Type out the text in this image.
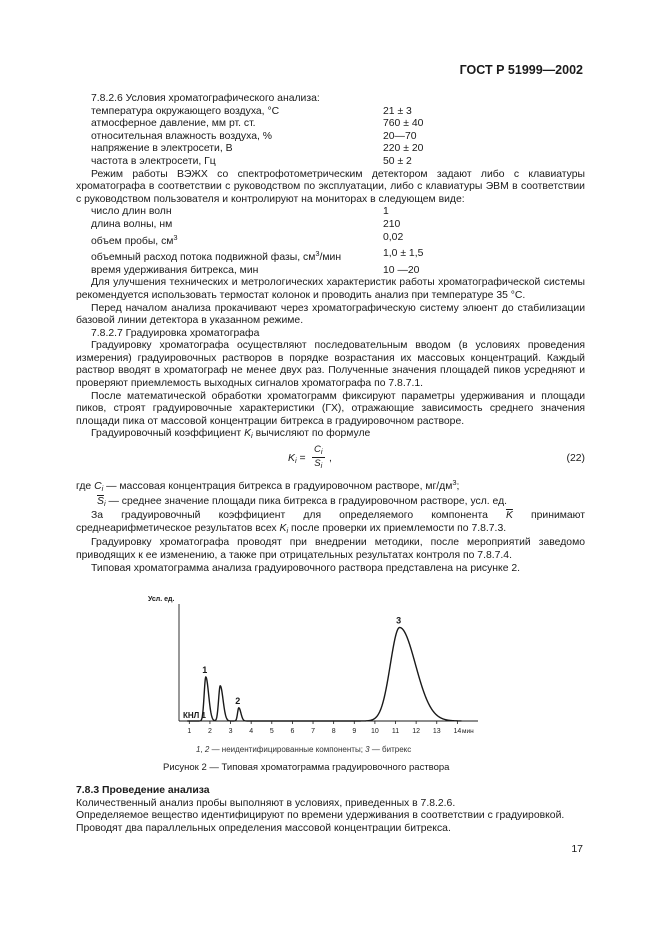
ГОСТ Р 51999—2002

7.8.2.6 Условия хроматографического анализа:

температура окружающего воздуха, °С	21 ± 3
атмосферное давление, мм рт. ст.	760 ± 40
относительная влажность воздуха, %	20—70
напряжение в электросети, В	220 ± 20
частота в электросети, Гц	50 ± 2

Режим работы ВЭЖХ со спектрофотометрическим детектором задают либо с клавиатуры хроматографа в соответствии с руководством по эксплуатации, либо с клавиатуры ЭВМ в соответствии с руководством пользователя и контролируют на мониторах в следующем виде:

число длин волн	1
длина волны, нм	210
объем пробы, $см^3$	0,02
объемный расход потока подвижной фазы, $см^3$/мин	1,0 ± 1,5
время удерживания битрекса, мин	10 —20

Для улучшения технических и метрологических характеристик работы хроматографической системы рекомендуется использовать термостат колонок и проводить анализ при температуре 35 °С.

Перед началом анализа прокачивают через хроматографическую систему элюент до стабилизации базовой линии детектора в указанном режиме.

7.8.2.7 Градуировка хроматографа

Градуировку хроматографа осуществляют последовательным вводом (в условиях проведения измерения) градуировочных растворов в порядке возрастания их массовых концентраций. Каждый раствор вводят в хроматограф не менее двух раз. Полученные значения площадей пиков усредняют и проверяют приемлемость выходных сигналов хроматографа по 7.8.7.1.

После математической обработки хроматограмм фиксируют параметры удерживания и площади пиков, строят градуировочные характеристики (ГХ), отражающие зависимость среднего значения площади пика от массовой концентрации битрекса в градуировочном растворе.

Градуировочный коэффициент $K_i$ вычисляют по формуле

$K_i = \frac{C_i}{\overline{S}_i}$ ,	(22)

где $C_i$ — массовая концентрация битрекса в градуировочном растворе, $мг/дм^3$;

$\overline{S}_i$ — среднее значение площади пика битрекса в градуировочном растворе, усл. ед.

За градуировочный коэффициент для определяемого компонента $\overline{K}$ принимают среднеарифметическое результатов всех $K_i$ после проверки их приемлемости по 7.8.7.3.

Градуировку хроматографа проводят при внедрении методики, после мероприятий заведомо приводящих к ее изменению, а также при отрицательных результатах контроля по 7.8.7.4.

Типовая хроматограмма анализа градуировочного раствора представлена на рисунке 2.

Усл. ед.
КНЛ 1
1 2 3 4 5 6 7 8 9 10 11 12 13 14
1
2
3
мин
1, 2 — неидентифицированные компоненты; 3 — битрекс
Рисунок 2 — Типовая хроматограмма градуировочного раствора
7.8.3 Проведение анализа
Количественный анализ пробы выполняют в условиях, приведенных в 7.8.2.6.
Определяемое вещество идентифицируют по времени удерживания в соответствии с градуировкой.
Проводят два параллельных определения массовой концентрации битрекса.
17
